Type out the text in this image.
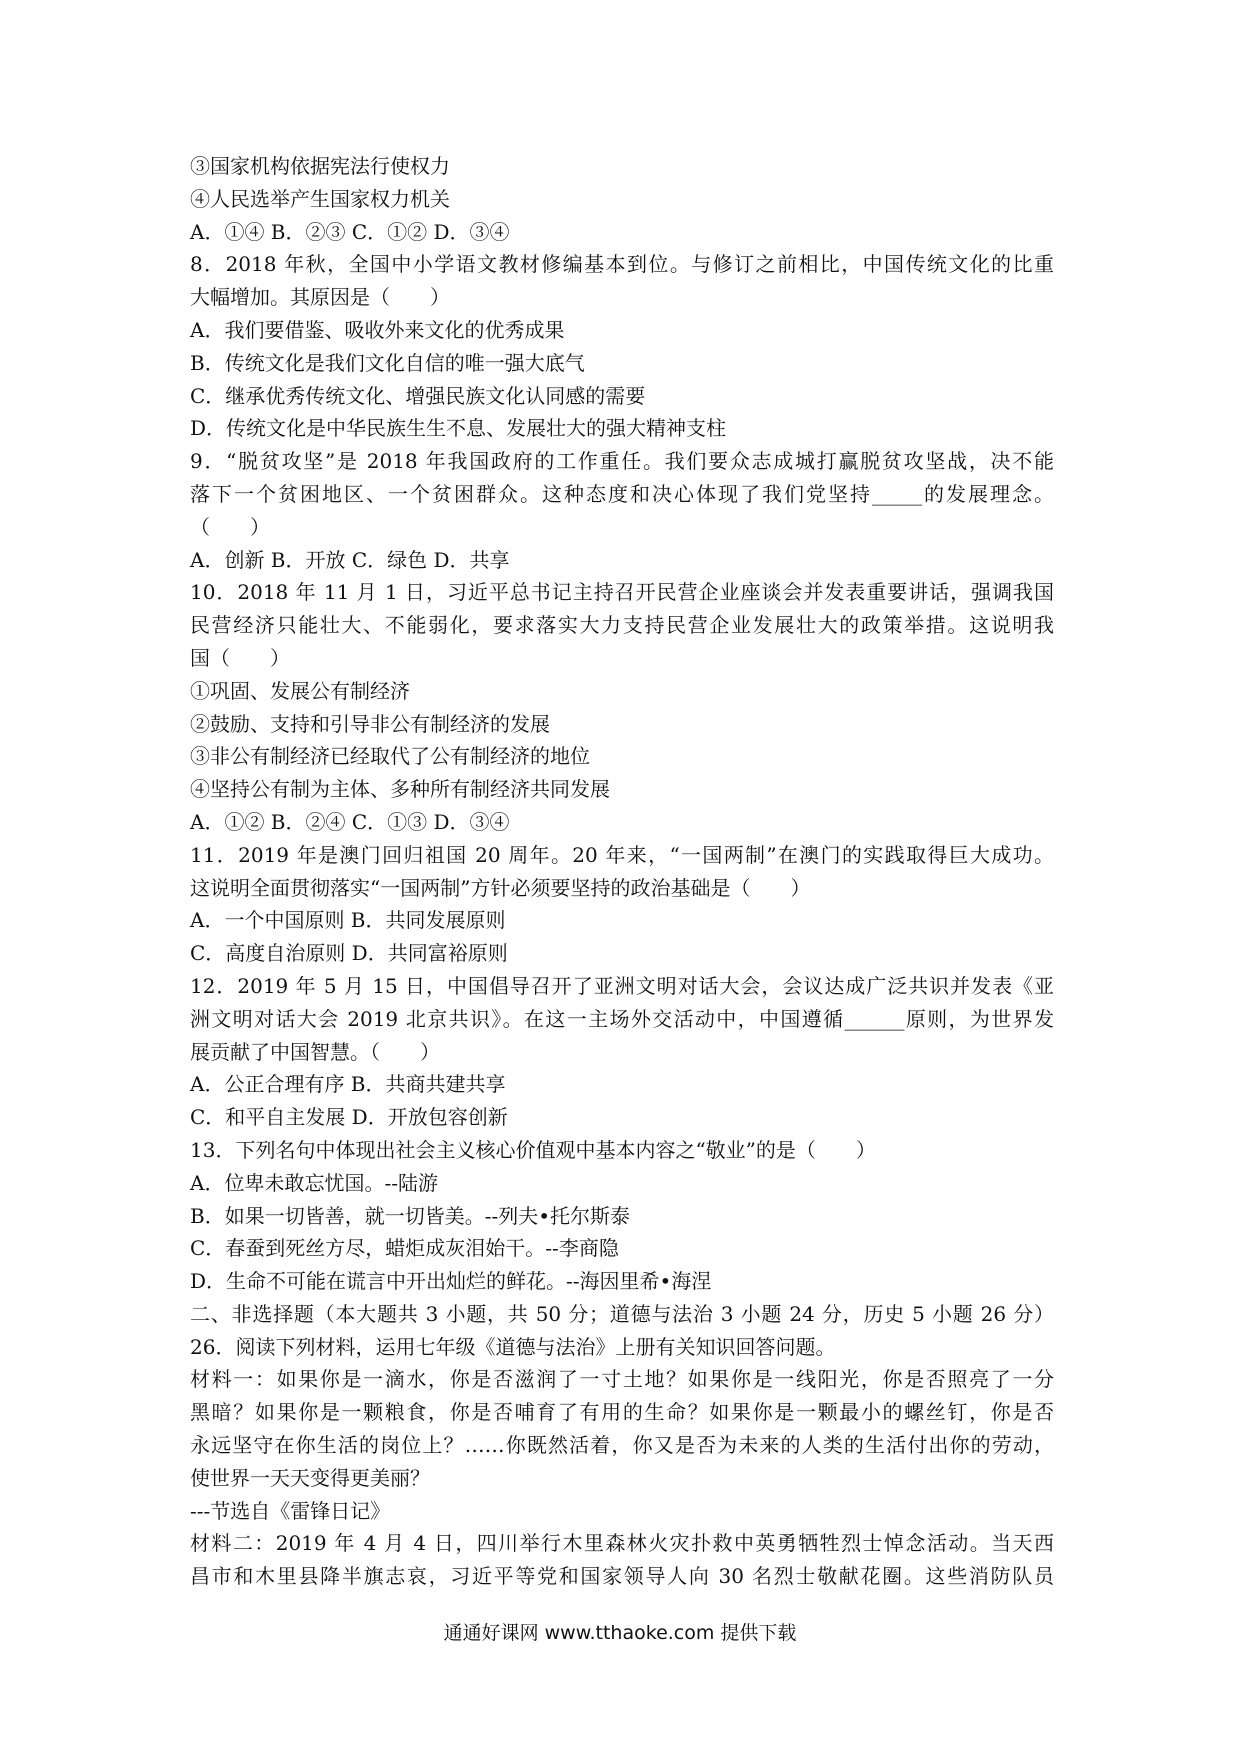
③国家机构依据宪法行使权力
④人民选举产生国家权力机关
A．①④ B．②③ C．①② D．③④
8．2018 年秋，全国中小学语文教材修编基本到位。与修订之前相比，中国传统文化的比重
大幅增加。其原因是（　　）
A．我们要借鉴、吸收外来文化的优秀成果
B．传统文化是我们文化自信的唯一强大底气
C．继承优秀传统文化、增强民族文化认同感的需要
D．传统文化是中华民族生生不息、发展壮大的强大精神支柱
9．“脱贫攻坚”是 2018 年我国政府的工作重任。我们要众志成城打赢脱贫攻坚战，决不能
落下一个贫困地区、一个贫困群众。这种态度和决心体现了我们党坚持_____的发展理念。
（　　）
A．创新 B．开放 C．绿色 D．共享
10．2018 年 11 月 1 日，习近平总书记主持召开民营企业座谈会并发表重要讲话，强调我国
民营经济只能壮大、不能弱化，要求落实大力支持民营企业发展壮大的政策举措。这说明我
国（　　）
①巩固、发展公有制经济
②鼓励、支持和引导非公有制经济的发展
③非公有制经济已经取代了公有制经济的地位
④坚持公有制为主体、多种所有制经济共同发展
A．①② B．②④ C．①③ D．③④
11．2019 年是澳门回归祖国 20 周年。20 年来，“一国两制”在澳门的实践取得巨大成功。
这说明全面贯彻落实“一国两制”方针必须要坚持的政治基础是（　　）
A．一个中国原则 B．共同发展原则
C．高度自治原则 D．共同富裕原则
12．2019 年 5 月 15 日，中国倡导召开了亚洲文明对话大会，会议达成广泛共识并发表《亚
洲文明对话大会 2019 北京共识》。在这一主场外交活动中，中国遵循______原则，为世界发
展贡献了中国智慧。（　　）
A．公正合理有序 B．共商共建共享
C．和平自主发展 D．开放包容创新
13．下列名句中体现出社会主义核心价值观中基本内容之“敬业”的是（　　）
A．位卑未敢忘忧国。--陆游
B．如果一切皆善，就一切皆美。--列夫•托尔斯泰
C．春蚕到死丝方尽，蜡炬成灰泪始干。--李商隐
D．生命不可能在谎言中开出灿烂的鲜花。--海因里希•海涅
二、非选择题（本大题共 3 小题，共 50 分；道德与法治 3 小题 24 分，历史 5 小题 26 分）
26．阅读下列材料，运用七年级《道德与法治》上册有关知识回答问题。
材料一：如果你是一滴水，你是否滋润了一寸土地？如果你是一线阳光，你是否照亮了一分
黑暗？如果你是一颗粮食，你是否哺育了有用的生命？如果你是一颗最小的螺丝钉，你是否
永远坚守在你生活的岗位上？……你既然活着，你又是否为未来的人类的生活付出你的劳动，
使世界一天天变得更美丽？
---节选自《雷锋日记》
材料二：2019 年 4 月 4 日，四川举行木里森林火灾扑救中英勇牺牲烈士悼念活动。当天西
昌市和木里县降半旗志哀，习近平等党和国家领导人向 30 名烈士敬献花圈。这些消防队员
通通好课网 www.tthaoke.com 提供下载
